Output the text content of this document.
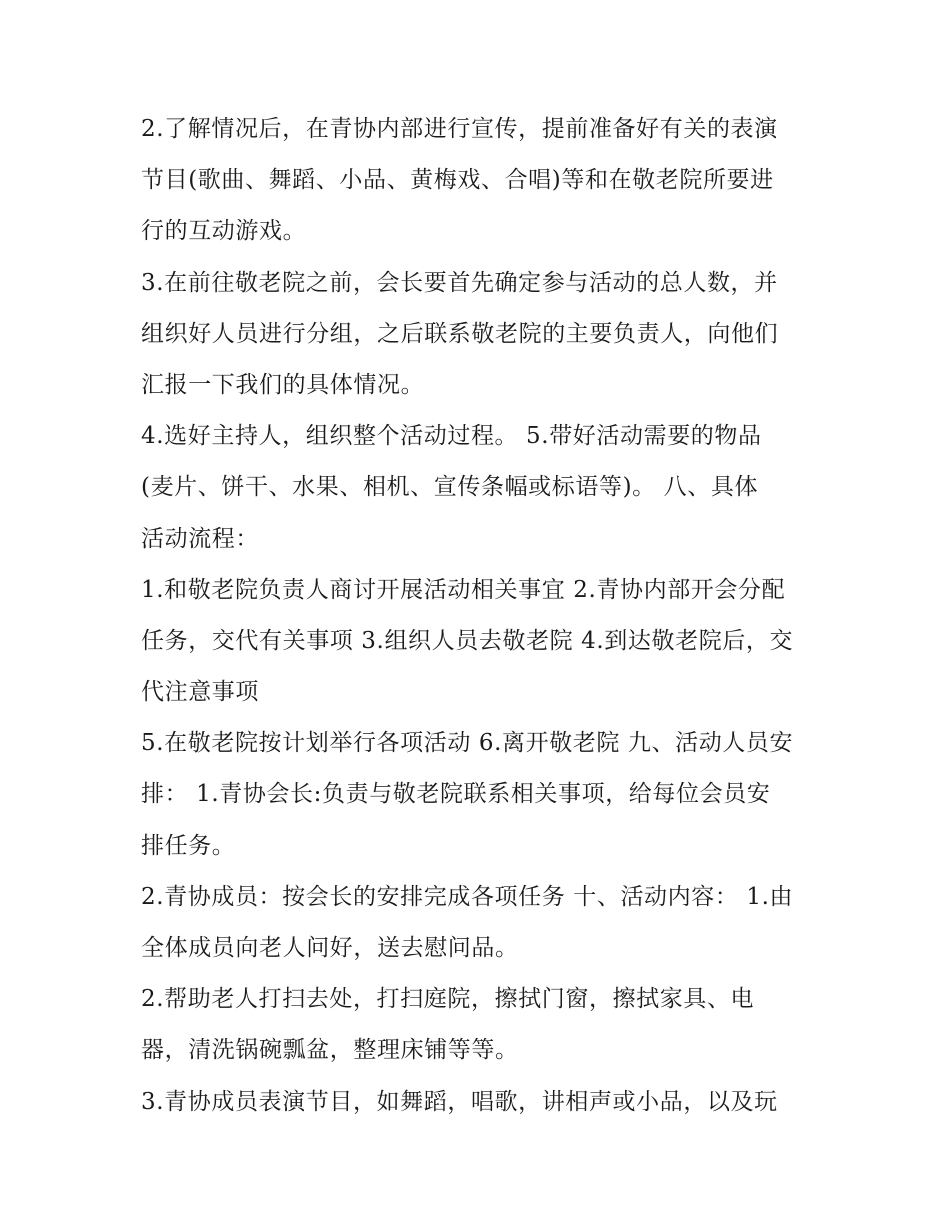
2.了解情况后，在青协内部进行宣传，提前准备好有关的表演
节目(歌曲、舞蹈、小品、黄梅戏、合唱)等和在敬老院所要进
行的互动游戏。

3.在前往敬老院之前，会长要首先确定参与活动的总人数，并
组织好人员进行分组，之后联系敬老院的主要负责人，向他们
汇报一下我们的具体情况。

4.选好主持人，组织整个活动过程。 5.带好活动需要的物品
(麦片、饼干、水果、相机、宣传条幅或标语等)。 八、具体
活动流程：

1.和敬老院负责人商讨开展活动相关事宜 2.青协内部开会分配
任务，交代有关事项 3.组织人员去敬老院 4.到达敬老院后，交
代注意事项

5.在敬老院按计划举行各项活动 6.离开敬老院 九、活动人员安
排： 1.青协会长:负责与敬老院联系相关事项，给每位会员安
排任务。

2.青协成员：按会长的安排完成各项任务 十、活动内容： 1.由
全体成员向老人问好，送去慰问品。

2.帮助老人打扫去处，打扫庭院，擦拭门窗，擦拭家具、电
器，清洗锅碗瓢盆，整理床铺等等。

3.青协成员表演节目，如舞蹈，唱歌，讲相声或小品，以及玩
